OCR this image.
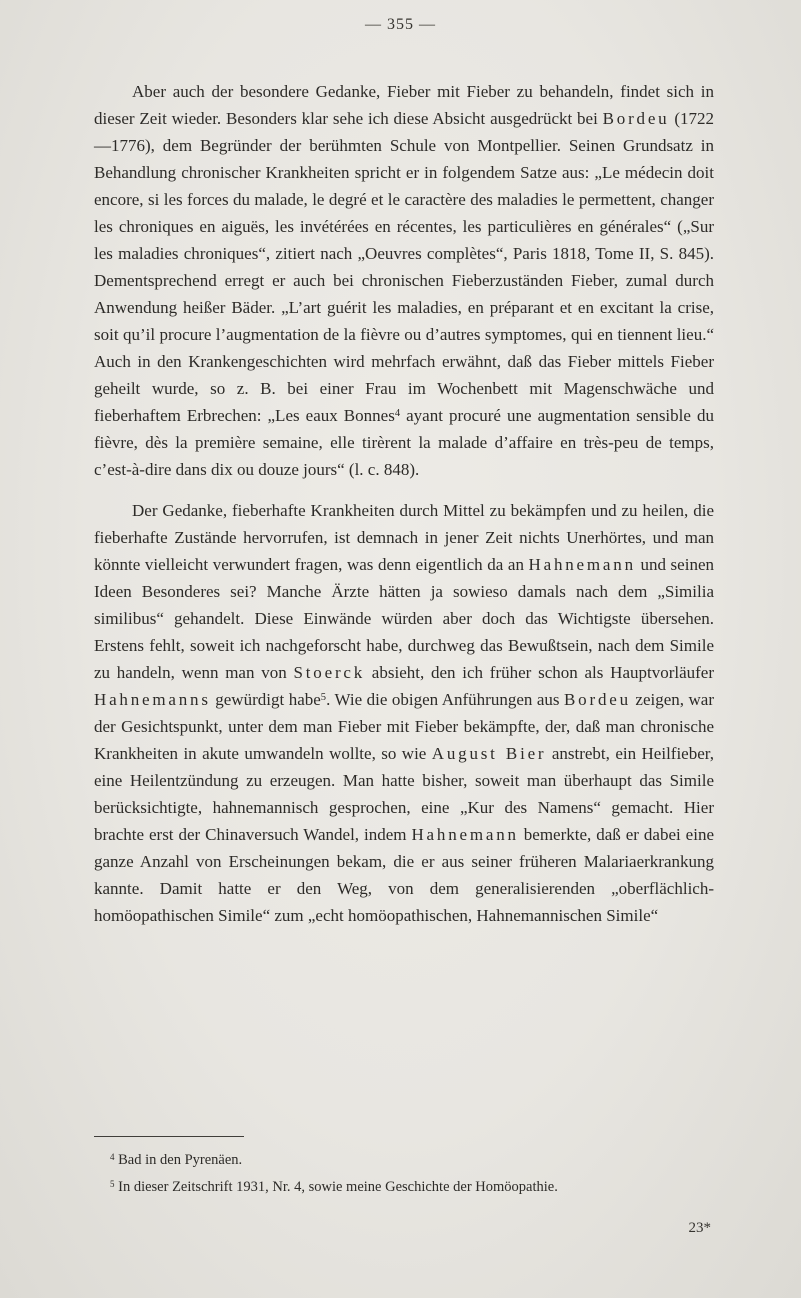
— 355 —

Aber auch der besondere Gedanke, Fieber mit Fieber zu behandeln, findet sich in dieser Zeit wieder. Besonders klar sehe ich diese Absicht ausgedrückt bei Bordeu (1722—1776), dem Begründer der berühmten Schule von Montpellier. Seinen Grundsatz in Behandlung chronischer Krankheiten spricht er in folgendem Satze aus: „Le médecin doit encore, si les forces du malade, le degré et le caractère des maladies le permettent, changer les chroniques en aiguës, les invétérées en récentes, les particulières en générales“ („Sur les maladies chroniques“, zitiert nach „Oeuvres complètes“, Paris 1818, Tome II, S. 845). Dementsprechend erregt er auch bei chronischen Fieberzuständen Fieber, zumal durch Anwendung heißer Bäder. „L’art guérit les maladies, en préparant et en excitant la crise, soit qu’il procure l’augmentation de la fièvre ou d’autres symptomes, qui en tiennent lieu.“ Auch in den Krankengeschichten wird mehrfach erwähnt, daß das Fieber mittels Fieber geheilt wurde, so z. B. bei einer Frau im Wochenbett mit Magenschwäche und fieberhaftem Erbrechen: „Les eaux Bonnes$^4$ ayant procuré une augmentation sensible du fièvre, dès la première semaine, elle tirèrent la malade d’affaire en très-peu de temps, c’est-à-dire dans dix ou douze jours“ (l. c. 848).

Der Gedanke, fieberhafte Krankheiten durch Mittel zu bekämpfen und zu heilen, die fieberhafte Zustände hervorrufen, ist demnach in jener Zeit nichts Unerhörtes, und man könnte vielleicht verwundert fragen, was denn eigentlich da an Hahnemann und seinen Ideen Besonderes sei? Manche Ärzte hätten ja sowieso damals nach dem „Similia similibus“ gehandelt. Diese Einwände würden aber doch das Wichtigste übersehen. Erstens fehlt, soweit ich nachgeforscht habe, durchweg das Bewußtsein, nach dem Simile zu handeln, wenn man von Stoerck absieht, den ich früher schon als Hauptvorläufer Hahnemanns gewürdigt habe$^5$. Wie die obigen Anführungen aus Bordeu zeigen, war der Gesichtspunkt, unter dem man Fieber mit Fieber bekämpfte, der, daß man chronische Krankheiten in akute umwandeln wollte, so wie August Bier anstrebt, ein Heilfieber, eine Heilentzündung zu erzeugen. Man hatte bisher, soweit man überhaupt das Simile berücksichtigte, hahnemannisch gesprochen, eine „Kur des Namens“ gemacht. Hier brachte erst der Chinaversuch Wandel, indem Hahnemann bemerkte, daß er dabei eine ganze Anzahl von Erscheinungen bekam, die er aus seiner früheren Malariaerkrankung kannte. Damit hatte er den Weg, von dem generalisierenden „oberflächlich-homöopathischen Simile“ zum „echt homöopathischen, Hahnemannischen Simile“

$^4$ Bad in den Pyrenäen.

$^5$ In dieser Zeitschrift 1931, Nr. 4, sowie meine Geschichte der Homöopathie.

23*
